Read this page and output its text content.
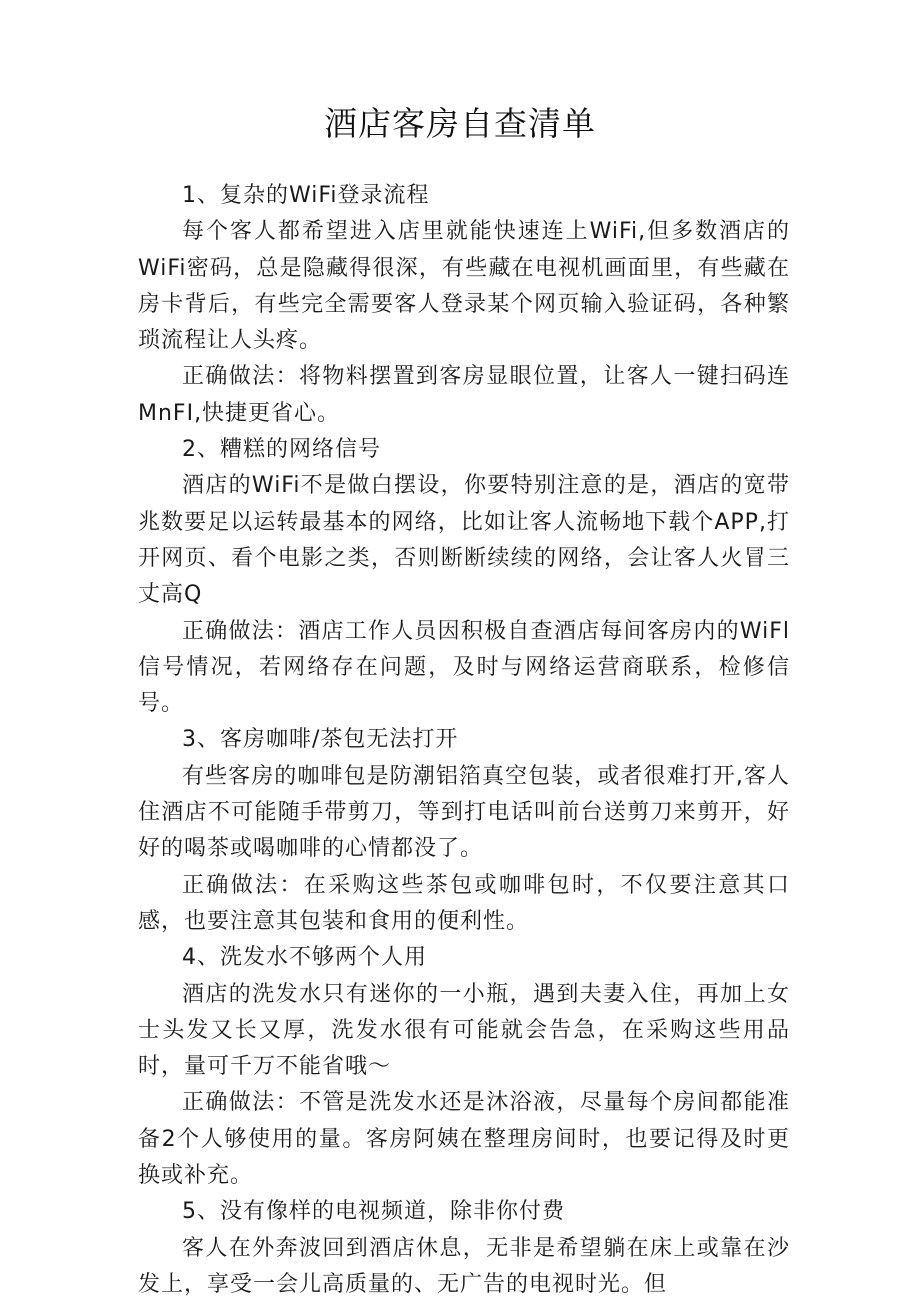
酒店客房自查清单

1、复杂的WiFi登录流程

每个客人都希望进入店里就能快速连上WiFi,但多数酒店的WiFi密码，总是隐藏得很深，有些藏在电视机画面里，有些藏在房卡背后，有些完全需要客人登录某个网页输入验证码，各种繁琐流程让人头疼。

正确做法：将物料摆置到客房显眼位置，让客人一键扫码连MnFI,快捷更省心。

2、糟糕的网络信号

酒店的WiFi不是做白摆设，你要特别注意的是，酒店的宽带兆数要足以运转最基本的网络，比如让客人流畅地下载个APP,打开网页、看个电影之类，否则断断续续的网络，会让客人火冒三丈高Q

正确做法：酒店工作人员因积极自查酒店每间客房内的WiFl信号情况，若网络存在问题，及时与网络运营商联系，检修信号。

3、客房咖啡/茶包无法打开

有些客房的咖啡包是防潮铝箔真空包装，或者很难打开,客人住酒店不可能随手带剪刀，等到打电话叫前台送剪刀来剪开，好好的喝茶或喝咖啡的心情都没了。

正确做法：在采购这些茶包或咖啡包时，不仅要注意其口感，也要注意其包装和食用的便利性。

4、洗发水不够两个人用

酒店的洗发水只有迷你的一小瓶，遇到夫妻入住，再加上女士头发又长又厚，洗发水很有可能就会告急，在采购这些用品时，量可千万不能省哦〜

正确做法：不管是洗发水还是沐浴液，尽量每个房间都能准备2个人够使用的量。客房阿姨在整理房间时，也要记得及时更换或补充。

5、没有像样的电视频道，除非你付费

客人在外奔波回到酒店休息，无非是希望躺在床上或靠在沙发上，享受一会儿高质量的、无广告的电视时光。但
